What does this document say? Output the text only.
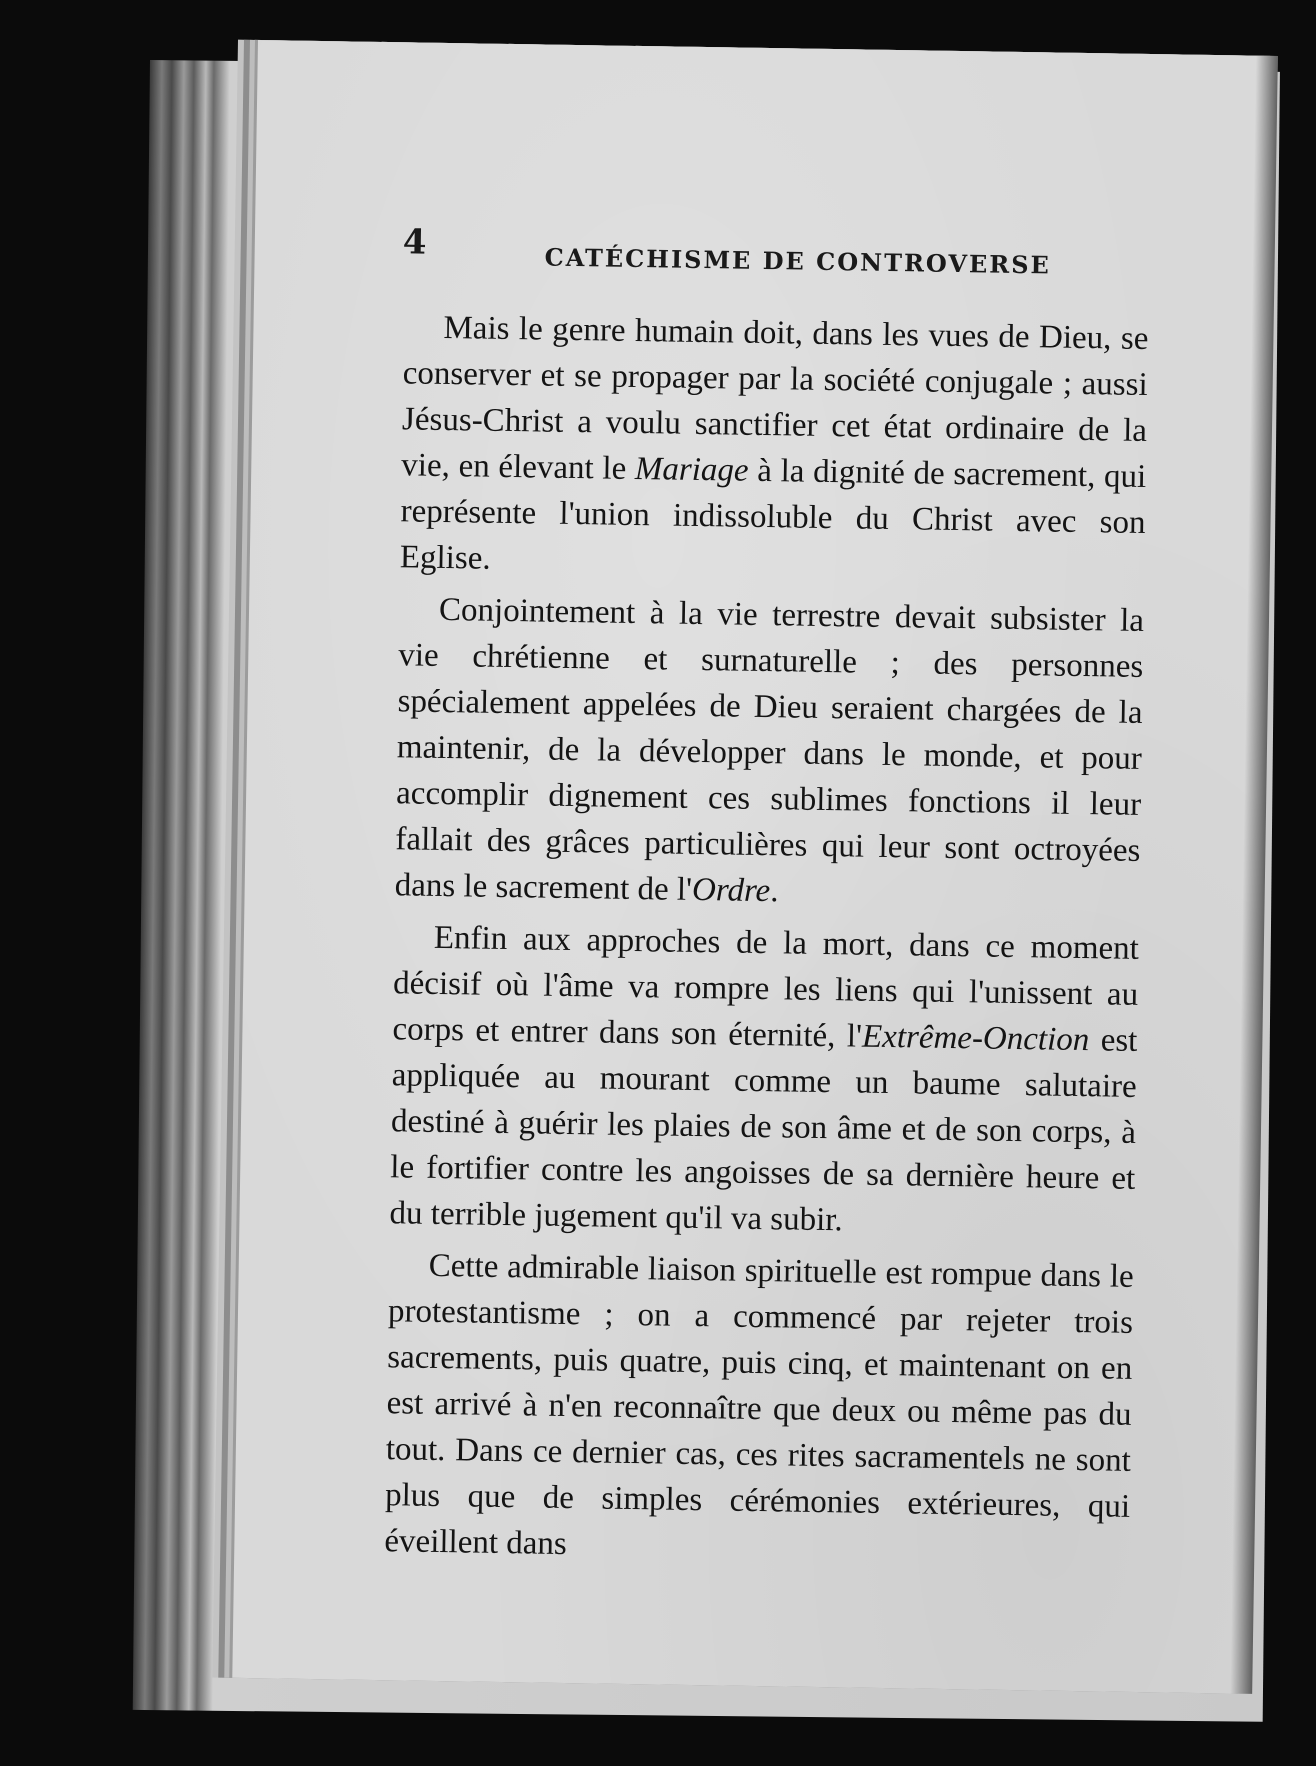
4	CATÉCHISME DE CONTROVERSE

Mais le genre humain doit, dans les vues de Dieu, se conserver et se propager par la société conjugale ; aussi Jésus-Christ a voulu sanctifier cet état ordinaire de la vie, en élevant le Mariage à la dignité de sacrement, qui représente l'union indissoluble du Christ avec son Eglise.

Conjointement à la vie terrestre devait subsister la vie chrétienne et surnaturelle ; des personnes spécialement appelées de Dieu seraient chargées de la maintenir, de la développer dans le monde, et pour accomplir dignement ces sublimes fonctions il leur fallait des grâces particulières qui leur sont octroyées dans le sacrement de l'Ordre.

Enfin aux approches de la mort, dans ce moment décisif où l'âme va rompre les liens qui l'unissent au corps et entrer dans son éternité, l'Extrême-Onction est appliquée au mourant comme un baume salutaire destiné à guérir les plaies de son âme et de son corps, à le fortifier contre les angoisses de sa dernière heure et du terrible jugement qu'il va subir.

Cette admirable liaison spirituelle est rompue dans le protestantisme ; on a commencé par rejeter trois sacrements, puis quatre, puis cinq, et maintenant on en est arrivé à n'en reconnaître que deux ou même pas du tout. Dans ce dernier cas, ces rites sacramentels ne sont plus que de simples cérémonies extérieures, qui éveillent dans
